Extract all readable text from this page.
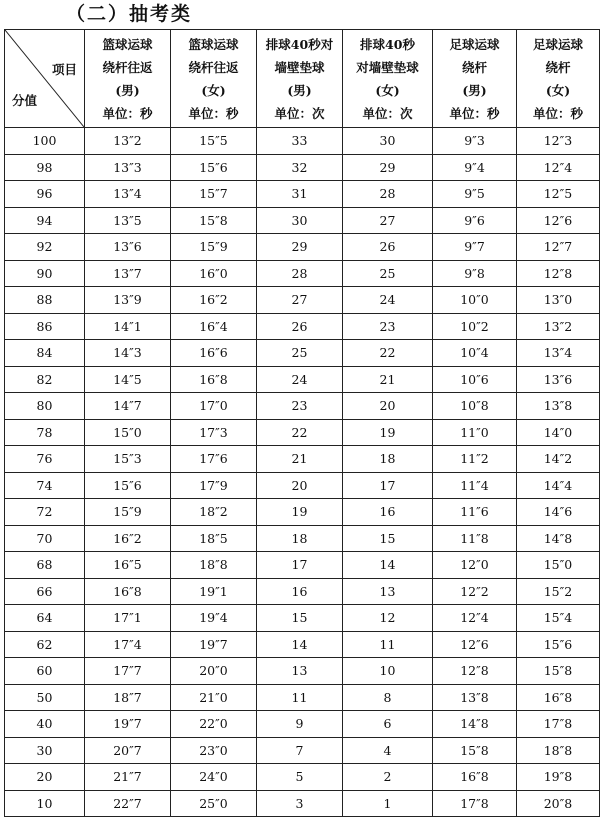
（二）抽考类
项目
分值	篮球运球
绕杆往返
(男)
单位：秒	篮球运球
绕杆往返
(女)
单位：秒	排球40秒对
墙壁垫球
(男)
单位：次	排球40秒
对墙壁垫球
(女)
单位：次	足球运球
绕杆
(男)
单位：秒	足球运球
绕杆
(女)
单位：秒

100	13″2	15″5	33	30	9″3	12″3
98	13″3	15″6	32	29	9″4	12″4
96	13″4	15″7	31	28	9″5	12″5
94	13″5	15″8	30	27	9″6	12″6
92	13″6	15″9	29	26	9″7	12″7
90	13″7	16″0	28	25	9″8	12″8
88	13″9	16″2	27	24	10″0	13″0
86	14″1	16″4	26	23	10″2	13″2
84	14″3	16″6	25	22	10″4	13″4
82	14″5	16″8	24	21	10″6	13″6
80	14″7	17″0	23	20	10″8	13″8
78	15″0	17″3	22	19	11″0	14″0
76	15″3	17″6	21	18	11″2	14″2
74	15″6	17″9	20	17	11″4	14″4
72	15″9	18″2	19	16	11″6	14″6
70	16″2	18″5	18	15	11″8	14″8
68	16″5	18″8	17	14	12″0	15″0
66	16″8	19″1	16	13	12″2	15″2
64	17″1	19″4	15	12	12″4	15″4
62	17″4	19″7	14	11	12″6	15″6
60	17″7	20″0	13	10	12″8	15″8
50	18″7	21″0	11	8	13″8	16″8
40	19″7	22″0	9	6	14″8	17″8
30	20″7	23″0	7	4	15″8	18″8
20	21″7	24″0	5	2	16″8	19″8
10	22″7	25″0	3	1	17″8	20″8
